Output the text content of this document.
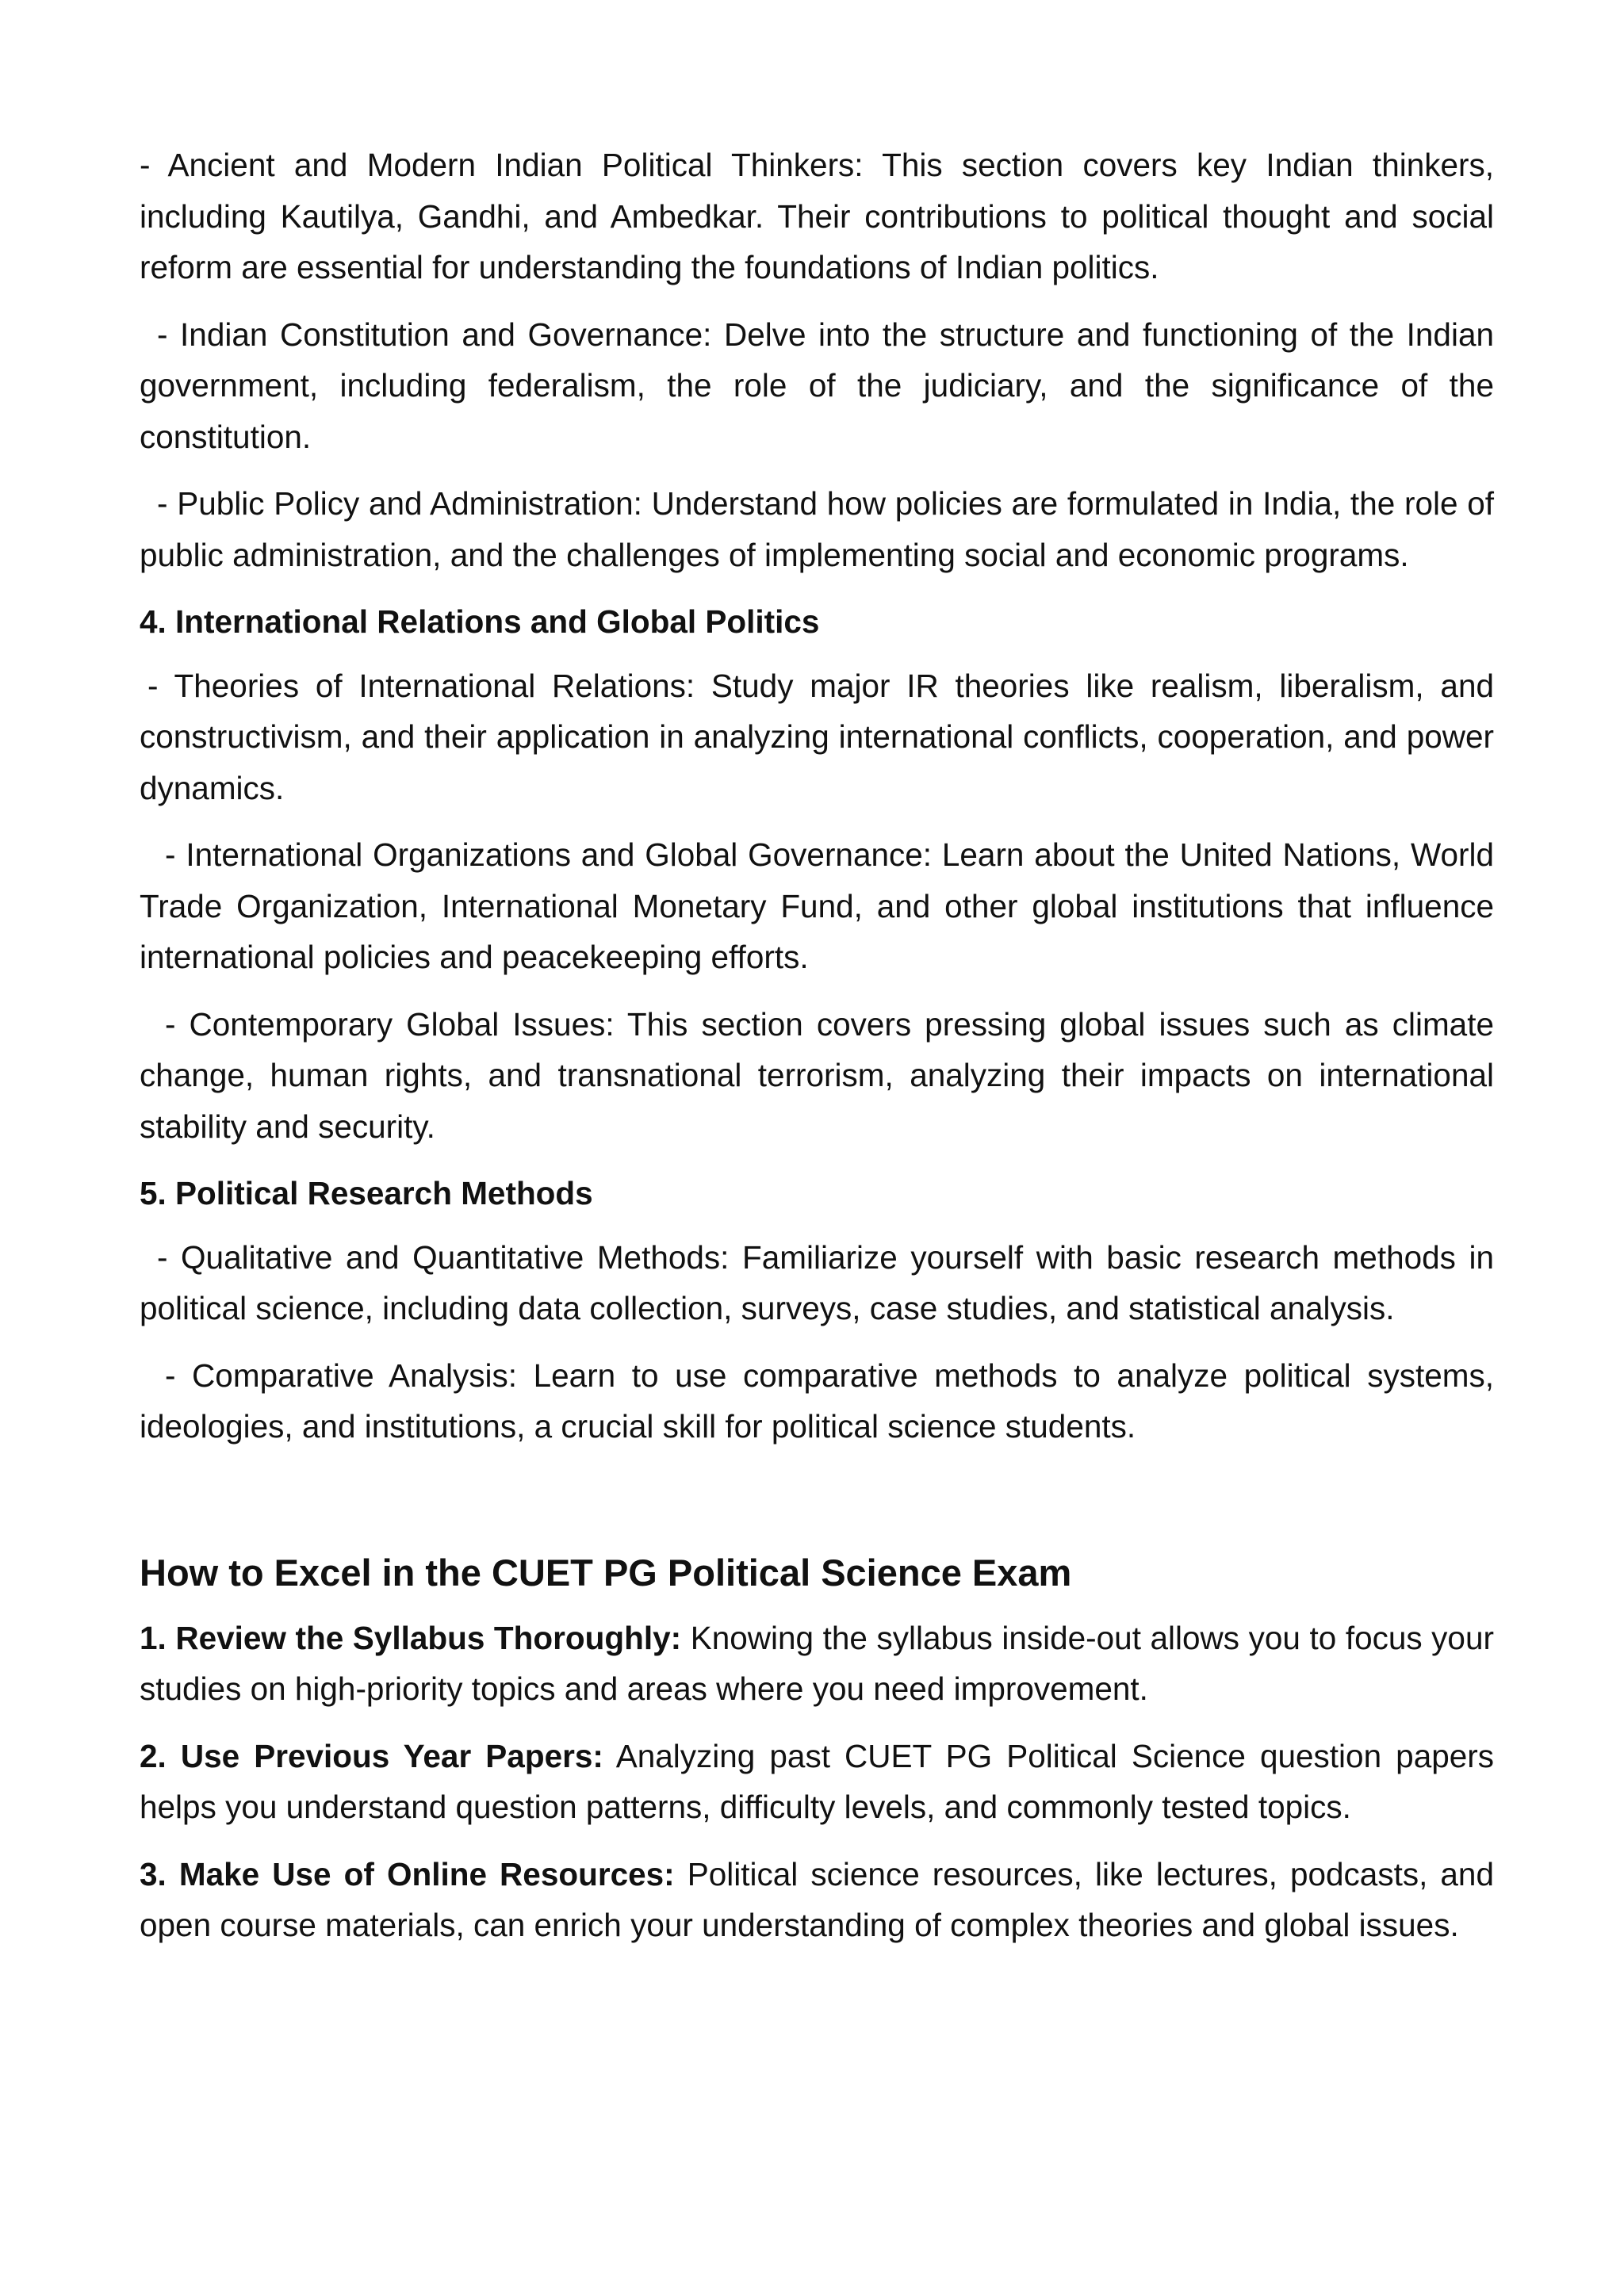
- Ancient and Modern Indian Political Thinkers: This section covers key Indian thinkers, including Kautilya, Gandhi, and Ambedkar. Their contributions to political thought and social reform are essential for understanding the foundations of Indian politics.

- Indian Constitution and Governance: Delve into the structure and functioning of the Indian government, including federalism, the role of the judiciary, and the significance of the constitution.

- Public Policy and Administration: Understand how policies are formulated in India, the role of public administration, and the challenges of implementing social and economic programs.

4. International Relations and Global Politics

- Theories of International Relations: Study major IR theories like realism, liberalism, and constructivism, and their application in analyzing international conflicts, cooperation, and power dynamics.

- International Organizations and Global Governance: Learn about the United Nations, World Trade Organization, International Monetary Fund, and other global institutions that influence international policies and peacekeeping efforts.

- Contemporary Global Issues: This section covers pressing global issues such as climate change, human rights, and transnational terrorism, analyzing their impacts on international stability and security.

5. Political Research Methods

- Qualitative and Quantitative Methods: Familiarize yourself with basic research methods in political science, including data collection, surveys, case studies, and statistical analysis.

- Comparative Analysis: Learn to use comparative methods to analyze political systems, ideologies, and institutions, a crucial skill for political science students.

How to Excel in the CUET PG Political Science Exam

1. Review the Syllabus Thoroughly: Knowing the syllabus inside-out allows you to focus your studies on high-priority topics and areas where you need improvement.

2. Use Previous Year Papers: Analyzing past CUET PG Political Science question papers helps you understand question patterns, difficulty levels, and commonly tested topics.

3. Make Use of Online Resources: Political science resources, like lectures, podcasts, and open course materials, can enrich your understanding of complex theories and global issues.
